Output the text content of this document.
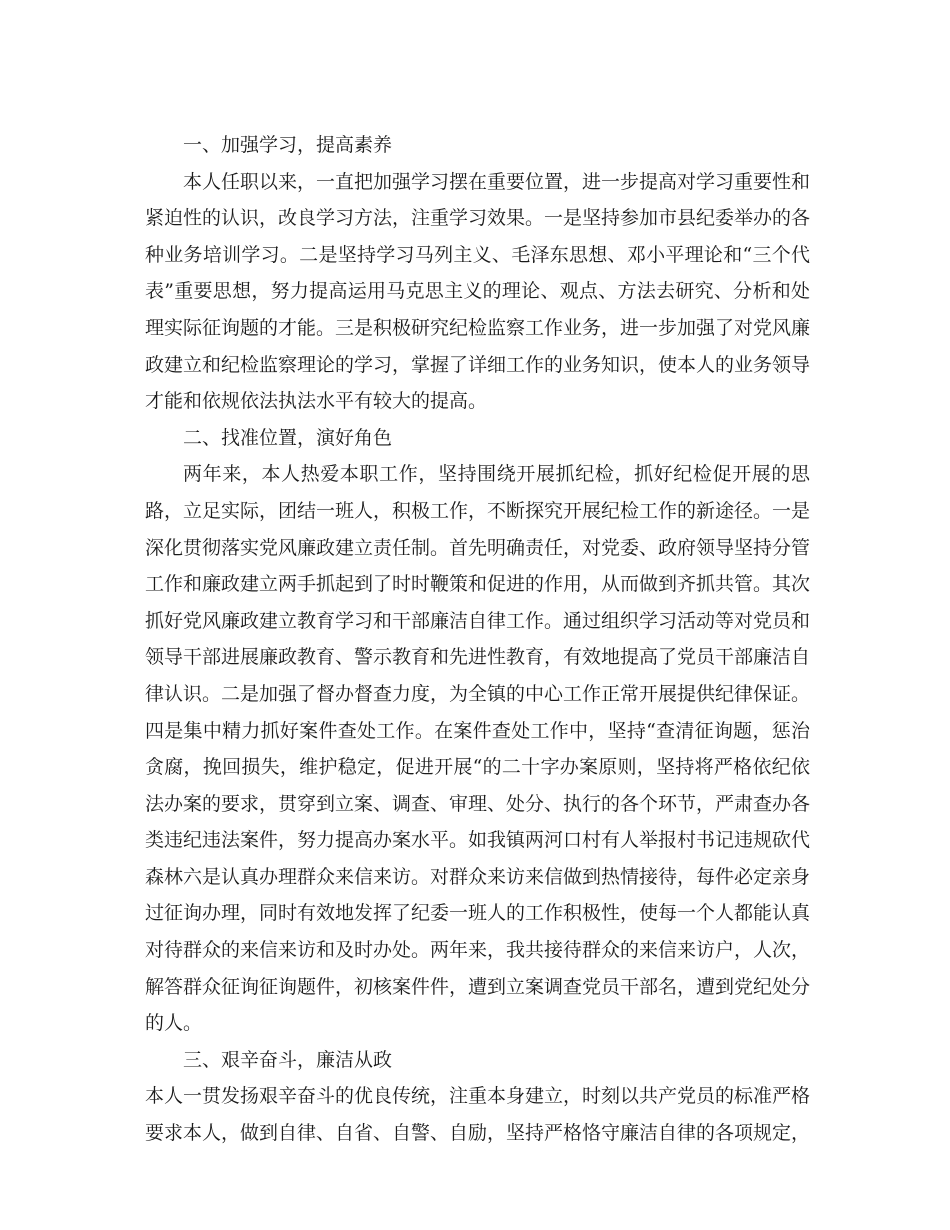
一、加强学习，提高素养

本人任职以来，一直把加强学习摆在重要位置，进一步提高对学习重要性和紧迫性的认识，改良学习方法，注重学习效果。一是坚持参加市县纪委举办的各种业务培训学习。二是坚持学习马列主义、毛泽东思想、邓小平理论和“三个代表”重要思想，努力提高运用马克思主义的理论、观点、方法去研究、分析和处理实际征询题的才能。三是积极研究纪检监察工作业务，进一步加强了对党风廉政建立和纪检监察理论的学习，掌握了详细工作的业务知识，使本人的业务领导才能和依规依法执法水平有较大的提高。

二、找准位置，演好角色

两年来，本人热爱本职工作，坚持围绕开展抓纪检，抓好纪检促开展的思路，立足实际，团结一班人，积极工作，不断探究开展纪检工作的新途径。一是深化贯彻落实党风廉政建立责任制。首先明确责任，对党委、政府领导坚持分管工作和廉政建立两手抓起到了时时鞭策和促进的作用，从而做到齐抓共管。其次抓好党风廉政建立教育学习和干部廉洁自律工作。通过组织学习活动等对党员和领导干部进展廉政教育、警示教育和先进性教育，有效地提高了党员干部廉洁自律认识。二是加强了督办督查力度，为全镇的中心工作正常开展提供纪律保证。四是集中精力抓好案件查处工作。在案件查处工作中，坚持“查清征询题，惩治贪腐，挽回损失，维护稳定，促进开展“的二十字办案原则，坚持将严格依纪依法办案的要求，贯穿到立案、调查、审理、处分、执行的各个环节，严肃查办各类违纪违法案件，努力提高办案水平。如我镇两河口村有人举报村书记违规砍代森林六是认真办理群众来信来访。对群众来访来信做到热情接待，每件必定亲身过征询办理，同时有效地发挥了纪委一班人的工作积极性，使每一个人都能认真对待群众的来信来访和及时办处。两年来，我共接待群众的来信来访户，人次，解答群众征询征询题件，初核案件件，遭到立案调查党员干部名，遭到党纪处分的人。

三、艰辛奋斗，廉洁从政

本人一贯发扬艰辛奋斗的优良传统，注重本身建立，时刻以共产党员的标准严格要求本人，做到自律、自省、自警、自励，坚持严格恪守廉洁自律的各项规定，
